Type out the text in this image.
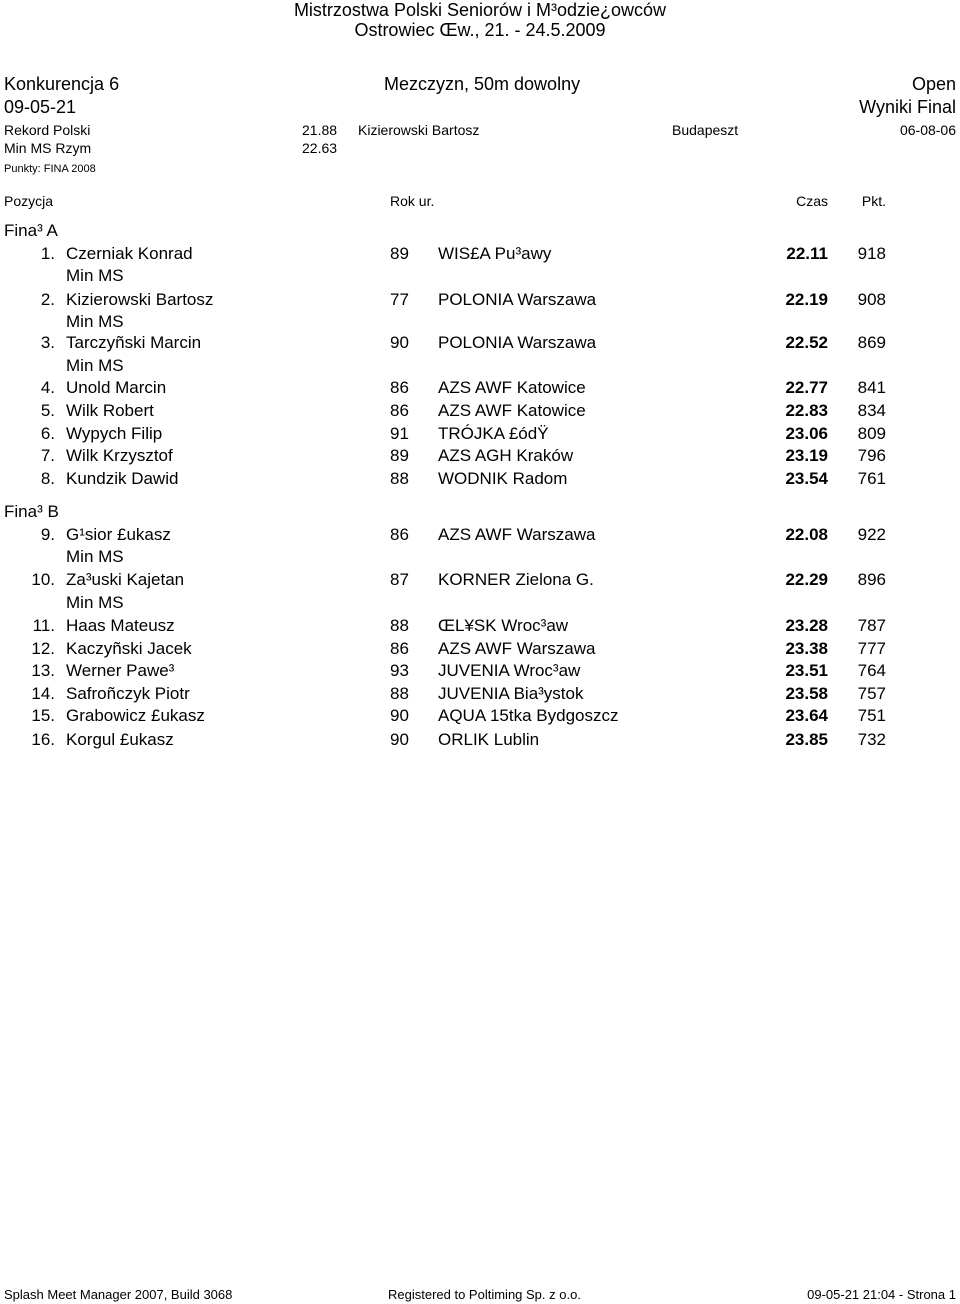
Mistrzostwa Polski Seniorów i M³odzie¿owców
Ostrowiec Œw., 21. - 24.5.2009
Konkurencja 6	Mezczyzn, 50m dowolny	Open
09-05-21	Wyniki Final
Rekord Polski	21.88 Kizierowski Bartosz	Budapeszt	06-08-06
Min MS Rzym	22.63
Punkty: FINA 2008
Pozycja	Rok ur.	Czas	Pkt.
Fina³ A
1. Czerniak Konrad	89 WIS£A Pu³awy	22.11	918
Min MS
2. Kizierowski Bartosz	77 POLONIA Warszawa	22.19	908
Min MS
3. Tarczyñski Marcin	90 POLONIA Warszawa	22.52	869
Min MS
4. Unold Marcin	86 AZS AWF Katowice	22.77	841
5. Wilk Robert	86 AZS AWF Katowice	22.83	834
6. Wypych Filip	91 TRÓJKA £ódŸ	23.06	809
7. Wilk Krzysztof	89 AZS AGH Kraków	23.19	796
8. Kundzik Dawid	88 WODNIK Radom	23.54	761
Fina³ B
9. G¹sior £ukasz	86 AZS AWF Warszawa	22.08	922
Min MS
10. Za³uski Kajetan	87 KORNER Zielona G.	22.29	896
Min MS
11. Haas Mateusz	88 ŒL¥SK Wroc³aw	23.28	787
12. Kaczyñski Jacek	86 AZS AWF Warszawa	23.38	777
13. Werner Pawe³	93 JUVENIA Wroc³aw	23.51	764
14. Safroñczyk Piotr	88 JUVENIA Bia³ystok	23.58	757
15. Grabowicz £ukasz	90 AQUA 15tka Bydgoszcz	23.64	751
16. Korgul £ukasz	90 ORLIK Lublin	23.85	732
Splash Meet Manager 2007, Build 3068	Registered to Poltiming Sp. z o.o.	09-05-21 21:04 - Strona 1
